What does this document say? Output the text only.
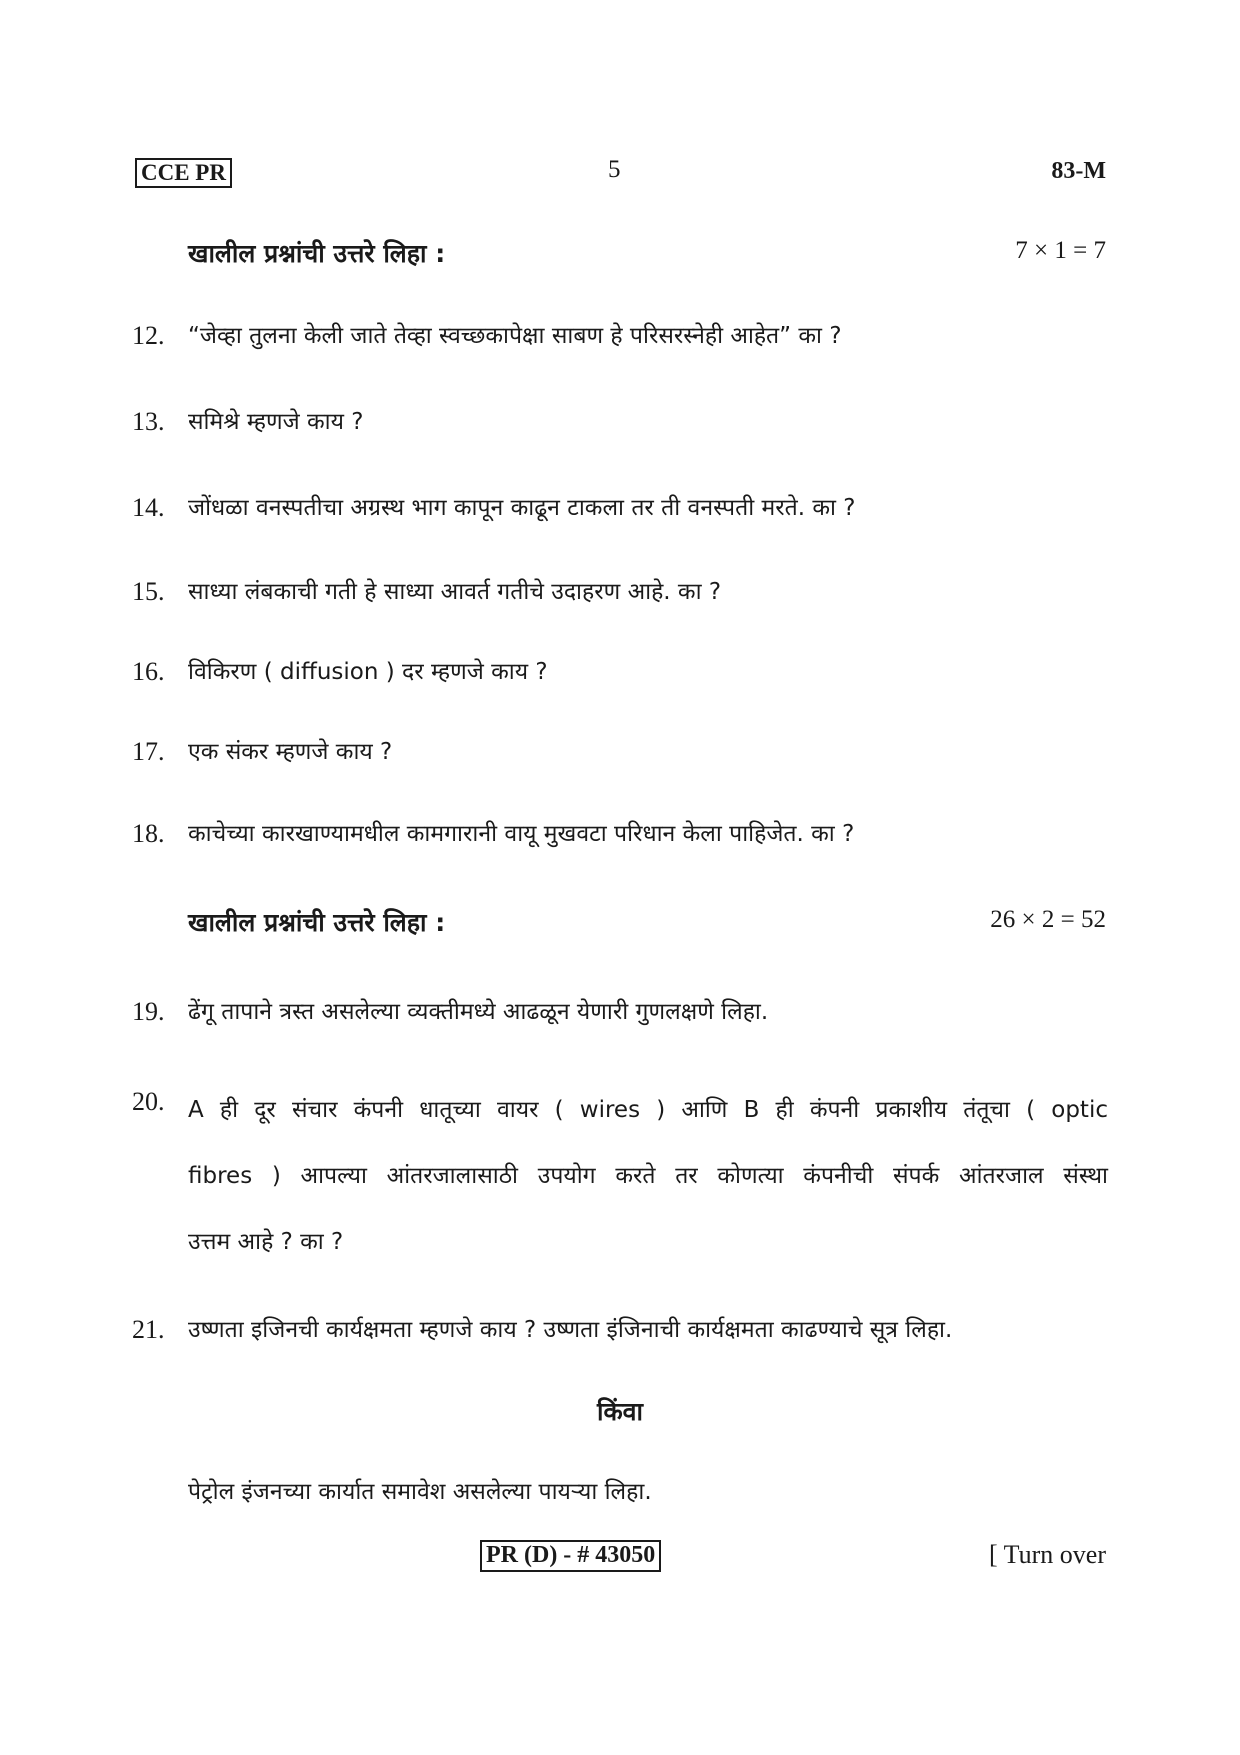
CCE PR	5	83-M
खालील प्रश्नांची उत्तरे लिहा :	7 × 1 = 7
12.	“जेव्हा तुलना केली जाते तेव्हा स्वच्छकापेक्षा साबण हे परिसरस्नेही आहेत” का ?
13.	समिश्रे म्हणजे काय ?
14.	जोंधळा वनस्पतीचा अग्रस्थ भाग कापून काढून टाकला तर ती वनस्पती मरते. का ?
15.	साध्या लंबकाची गती हे साध्या आवर्त गतीचे उदाहरण आहे. का ?
16.	विकिरण ( diffusion ) दर म्हणजे काय ?
17.	एक संकर म्हणजे काय ?
18.	काचेच्या कारखाण्यामधील कामगारानी वायू मुखवटा परिधान केला पाहिजेत. का ?
खालील प्रश्नांची उत्तरे लिहा :	26 × 2 = 52
19.	ढेंगू तापाने त्रस्त असलेल्या व्यक्तीमध्ये आढळून येणारी गुणलक्षणे लिहा.
20.	A ही दूर संचार कंपनी धातूच्या वायर ( wires ) आणि B ही कंपनी प्रकाशीय तंतूचा ( optic

fibres ) आपल्या आंतरजालासाठी उपयोग करते तर कोणत्या कंपनीची संपर्क आंतरजाल संस्था

उत्तम आहे ? का ?

21.	उष्णता इजिनची कार्यक्षमता म्हणजे काय ? उष्णता इंजिनाची कार्यक्षमता काढण्याचे सूत्र लिहा.
किंवा
पेट्रोल इंजनच्या कार्यात समावेश असलेल्या पायऱ्या लिहा.
PR (D) - # 43050	[ Turn over
